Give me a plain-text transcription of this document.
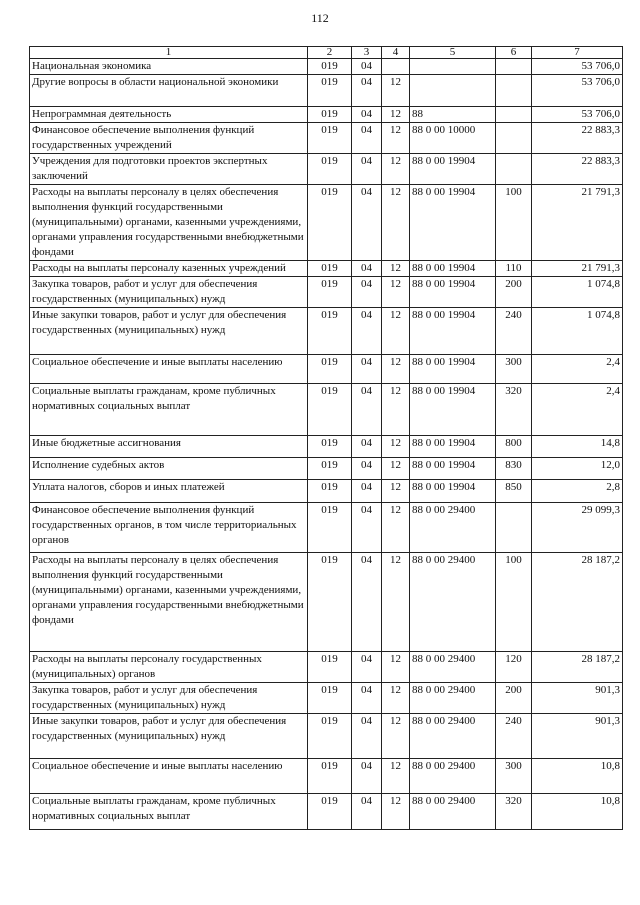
112
1	2	3	4	5	6	7
Национальная экономика	019	04				53 706,0
Другие вопросы в области национальной экономики	019	04	12			53 706,0
Непрограммная деятельность	019	04	12	88		53 706,0
Финансовое обеспечение выполнения функций государственных учреждений	019	04	12	88 0 00 10000		22 883,3
Учреждения для подготовки проектов экспертных заключений	019	04	12	88 0 00 19904		22 883,3
Расходы на выплаты персоналу в целях обеспечения выполнения функций государственными (муниципальными) органами, казенными учреждениями, органами управления государственными внебюджетными фондами	019	04	12	88 0 00 19904	100	21 791,3
Расходы на выплаты персоналу казенных учреждений	019	04	12	88 0 00 19904	110	21 791,3
Закупка товаров, работ и услуг для обеспечения государственных (муниципальных) нужд	019	04	12	88 0 00 19904	200	1 074,8
Иные закупки товаров, работ и услуг для обеспечения государственных (муниципальных) нужд	019	04	12	88 0 00 19904	240	1 074,8
Социальное обеспечение и иные выплаты населению	019	04	12	88 0 00 19904	300	2,4
Социальные выплаты гражданам, кроме публичных нормативных социальных выплат	019	04	12	88 0 00 19904	320	2,4
Иные бюджетные ассигнования	019	04	12	88 0 00 19904	800	14,8
Исполнение судебных актов	019	04	12	88 0 00 19904	830	12,0
Уплата налогов, сборов и иных платежей	019	04	12	88 0 00 19904	850	2,8
Финансовое обеспечение выполнения функций государственных органов, в том числе территориальных органов	019	04	12	88 0 00 29400		29 099,3
Расходы на выплаты персоналу в целях обеспечения выполнения функций государственными (муниципальными) органами, казенными учреждениями, органами управления государственными внебюджетными фондами	019	04	12	88 0 00 29400	100	28 187,2
Расходы на выплаты персоналу государственных (муниципальных) органов	019	04	12	88 0 00 29400	120	28 187,2
Закупка товаров, работ и услуг для обеспечения государственных (муниципальных) нужд	019	04	12	88 0 00 29400	200	901,3
Иные закупки товаров, работ и услуг для обеспечения государственных (муниципальных) нужд	019	04	12	88 0 00 29400	240	901,3
Социальное обеспечение и иные выплаты населению	019	04	12	88 0 00 29400	300	10,8
Социальные выплаты гражданам, кроме публичных нормативных социальных выплат	019	04	12	88 0 00 29400	320	10,8
